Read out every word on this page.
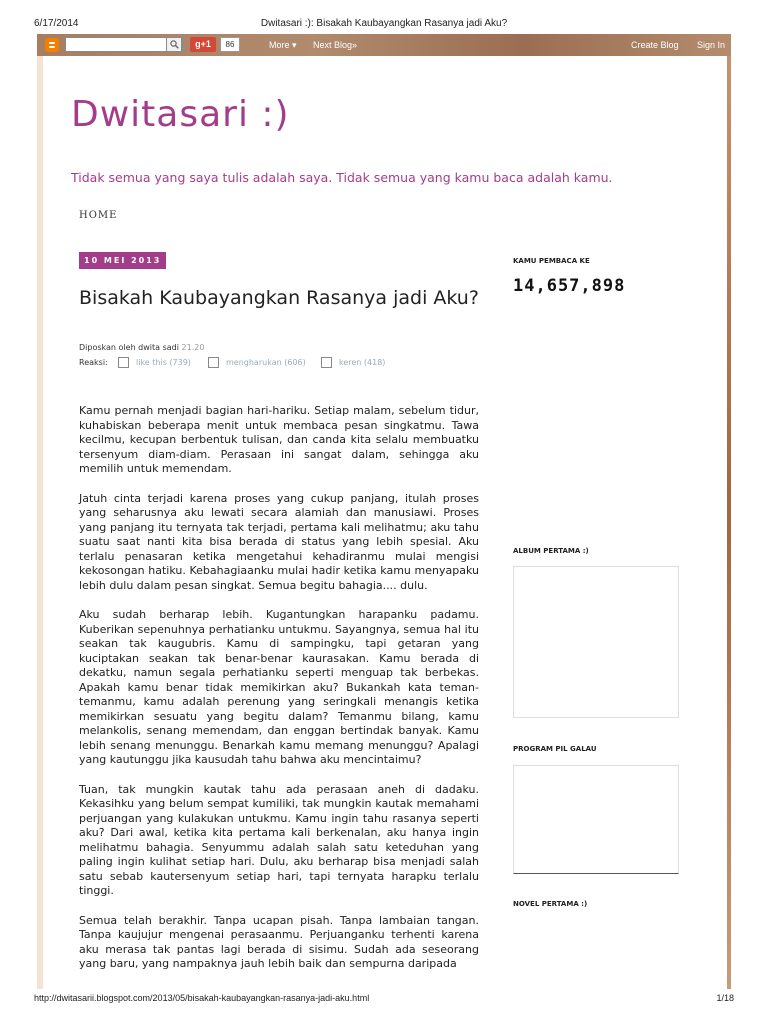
6/17/2014	Dwitasari :): Bisakah Kaubayangkan Rasanya jadi Aku?
g+1	86	More ▾ Next Blog»	Create Blog Sign In
Dwitasari :)
Tidak semua yang saya tulis adalah saya. Tidak semua yang kamu baca adalah kamu.
HOME
10 MEI 2013
Bisakah Kaubayangkan Rasanya jadi Aku?
Diposkan oleh dwita sadi 21.20
Reaksi:	like this (739)	mengharukan (606)	keren (418)

Kamu pernah menjadi bagian hari-hariku. Setiap malam, sebelum tidur, kuhabiskan beberapa menit untuk membaca pesan singkatmu. Tawa kecilmu, kecupan berbentuk tulisan, dan canda kita selalu membuatku tersenyum diam-diam. Perasaan ini sangat dalam, sehingga aku memilih untuk memendam.

Jatuh cinta terjadi karena proses yang cukup panjang, itulah proses yang seharusnya aku lewati secara alamiah dan manusiawi. Proses yang panjang itu ternyata tak terjadi, pertama kali melihatmu; aku tahu suatu saat nanti kita bisa berada di status yang lebih spesial. Aku terlalu penasaran ketika mengetahui kehadiranmu mulai mengisi kekosongan hatiku. Kebahagiaanku mulai hadir ketika kamu menyapaku lebih dulu dalam pesan singkat. Semua begitu bahagia.... dulu.

Aku sudah berharap lebih. Kugantungkan harapanku padamu. Kuberikan sepenuhnya perhatianku untukmu. Sayangnya, semua hal itu seakan tak kaugubris. Kamu di sampingku, tapi getaran yang kuciptakan seakan tak benar-benar kaurasakan. Kamu berada di dekatku, namun segala perhatianku seperti menguap tak berbekas. Apakah kamu benar tidak memikirkan aku? Bukankah kata teman-temanmu, kamu adalah perenung yang seringkali menangis ketika memikirkan sesuatu yang begitu dalam? Temanmu bilang, kamu melankolis, senang memendam, dan enggan bertindak banyak. Kamu lebih senang menunggu. Benarkah kamu memang menunggu? Apalagi yang kautunggu jika kausudah tahu bahwa aku mencintaimu?

Tuan, tak mungkin kautak tahu ada perasaan aneh di dadaku. Kekasihku yang belum sempat kumiliki, tak mungkin kautak memahami perjuangan yang kulakukan untukmu. Kamu ingin tahu rasanya seperti aku? Dari awal, ketika kita pertama kali berkenalan, aku hanya ingin melihatmu bahagia. Senyummu adalah salah satu keteduhan yang paling ingin kulihat setiap hari. Dulu, aku berharap bisa menjadi salah satu sebab kautersenyum setiap hari, tapi ternyata harapku terlalu tinggi.

Semua telah berakhir. Tanpa ucapan pisah. Tanpa lambaian tangan. Tanpa kaujujur mengenai perasaanmu. Perjuanganku terhenti karena aku merasa tak pantas lagi berada di sisimu. Sudah ada seseorang yang baru, yang nampaknya jauh lebih baik dan sempurna daripada

KAMU PEMBACA KE
14,657,898
ALBUM PERTAMA :)
PROGRAM PIL GALAU
NOVEL PERTAMA :)
http://dwitasarii.blogspot.com/2013/05/bisakah-kaubayangkan-rasanya-jadi-aku.html	1/18
